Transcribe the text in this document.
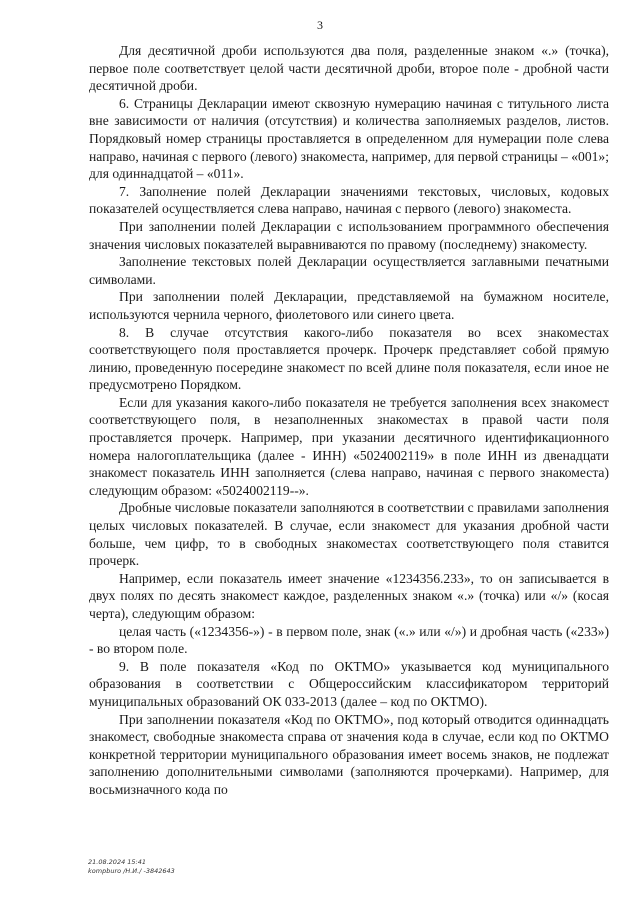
3

Для десятичной дроби используются два поля, разделенные знаком «.» (точка), первое поле соответствует целой части десятичной дроби, второе поле - дробной части десятичной дроби.

6. Страницы Декларации имеют сквозную нумерацию начиная с титульного листа вне зависимости от наличия (отсутствия) и количества заполняемых разделов, листов. Порядковый номер страницы проставляется в определенном для нумерации поле слева направо, начиная с первого (левого) знакоместа, например, для первой страницы – «001»; для одиннадцатой – «011».

7. Заполнение полей Декларации значениями текстовых, числовых, кодовых показателей осуществляется слева направо, начиная с первого (левого) знакоместа.

При заполнении полей Декларации с использованием программного обеспечения значения числовых показателей выравниваются по правому (последнему) знакоместу.

Заполнение текстовых полей Декларации осуществляется заглавными печатными символами.

При заполнении полей Декларации, представляемой на бумажном носителе, используются чернила черного, фиолетового или синего цвета.

8. В случае отсутствия какого-либо показателя во всех знакоместах соответствующего поля проставляется прочерк. Прочерк представляет собой прямую линию, проведенную посередине знакомест по всей длине поля показателя, если иное не предусмотрено Порядком.

Если для указания какого-либо показателя не требуется заполнения всех знакомест соответствующего поля, в незаполненных знакоместах в правой части поля проставляется прочерк. Например, при указании десятичного идентификационного номера налогоплательщика (далее - ИНН) «5024002119» в поле ИНН из двенадцати знакомест показатель ИНН заполняется (слева направо, начиная с первого знакоместа) следующим образом: «5024002119--».

Дробные числовые показатели заполняются в соответствии с правилами заполнения целых числовых показателей. В случае, если знакомест для указания дробной части больше, чем цифр, то в свободных знакоместах соответствующего поля ставится прочерк.

Например, если показатель имеет значение «1234356.233», то он записывается в двух полях по десять знакомест каждое, разделенных знаком «.» (точка) или «/» (косая черта), следующим образом:

целая часть («1234356-») - в первом поле, знак («.» или «/») и дробная часть («233») - во втором поле.

9. В поле показателя «Код по ОКТМО» указывается код муниципального образования в соответствии с Общероссийским классификатором территорий муниципальных образований ОК 033-2013 (далее – код по ОКТМО).

При заполнении показателя «Код по ОКТМО», под который отводится одиннадцать знакомест, свободные знакоместа справа от значения кода в случае, если код по ОКТМО конкретной территории муниципального образования имеет восемь знаков, не подлежат заполнению дополнительными символами (заполняются прочерками). Например, для восьмизначного кода по

21.08.2024 15:41
kompburo /Н.И./ -3842643
